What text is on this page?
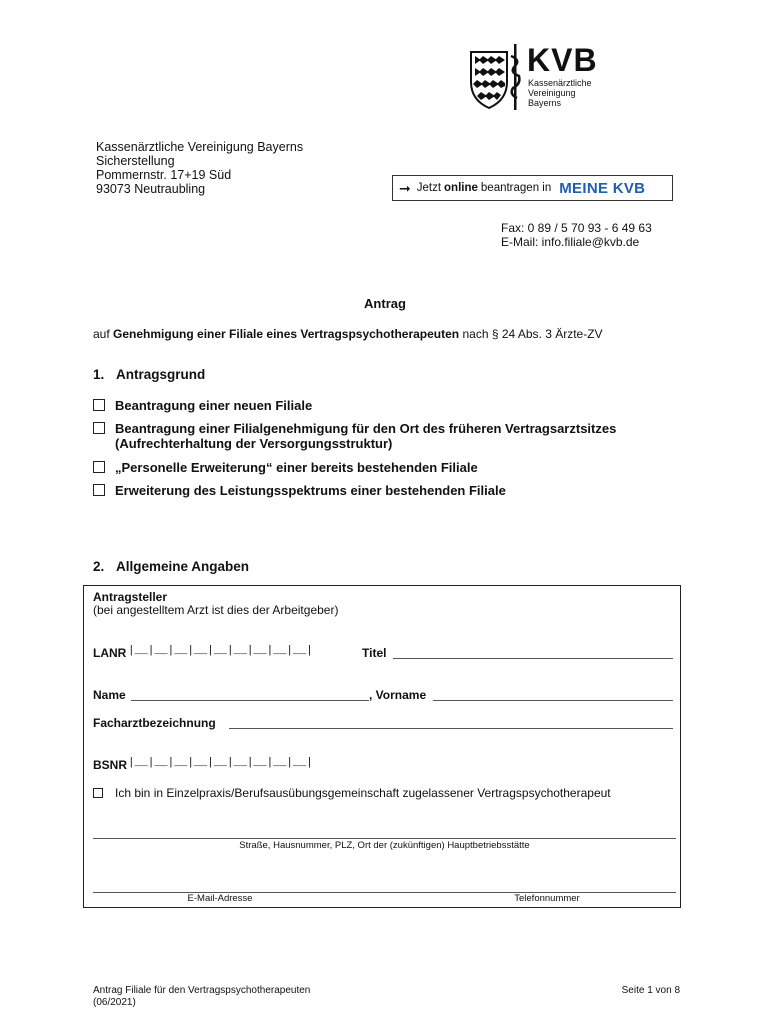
KVB
Kassenärztliche
Vereinigung
Bayerns
Kassenärztliche Vereinigung Bayerns
Sicherstellung
Pommernstr. 17+19 Süd
93073 Neutraubling	➞ Jetzt online beantragen in MEINE KVB
Fax: 0 89 / 5 70 93 - 6 49 63
E-Mail: info.filiale@kvb.de
Antrag
auf Genehmigung einer Filiale eines Vertragspsychotherapeuten nach § 24 Abs. 3 Ärzte-ZV
1. Antragsgrund
Beantragung einer neuen Filiale
Beantragung einer Filialgenehmigung für den Ort des früheren Vertragsarztsitzes
(Aufrechterhaltung der Versorgungsstruktur)
„Personelle Erweiterung“ einer bereits bestehenden Filiale
Erweiterung des Leistungsspektrums einer bestehenden Filiale
2. Allgemeine Angaben
Antragsteller
(bei angestelltem Arzt ist dies der Arbeitgeber)
LANR |__|__|__|__|__|__|__|__|__|	Titel
Name	, Vorname
Facharztbezeichnung
BSNR |__|__|__|__|__|__|__|__|__|
Ich bin in Einzelpraxis/Berufsausübungsgemeinschaft zugelassener Vertragspsychotherapeut
Straße, Hausnummer, PLZ, Ort der (zukünftigen) Hauptbetriebsstätte
E-Mail-Adresse	Telefonnummer
Antrag Filiale für den Vertragspsychotherapeuten
(06/2021)
Seite 1 von 8
